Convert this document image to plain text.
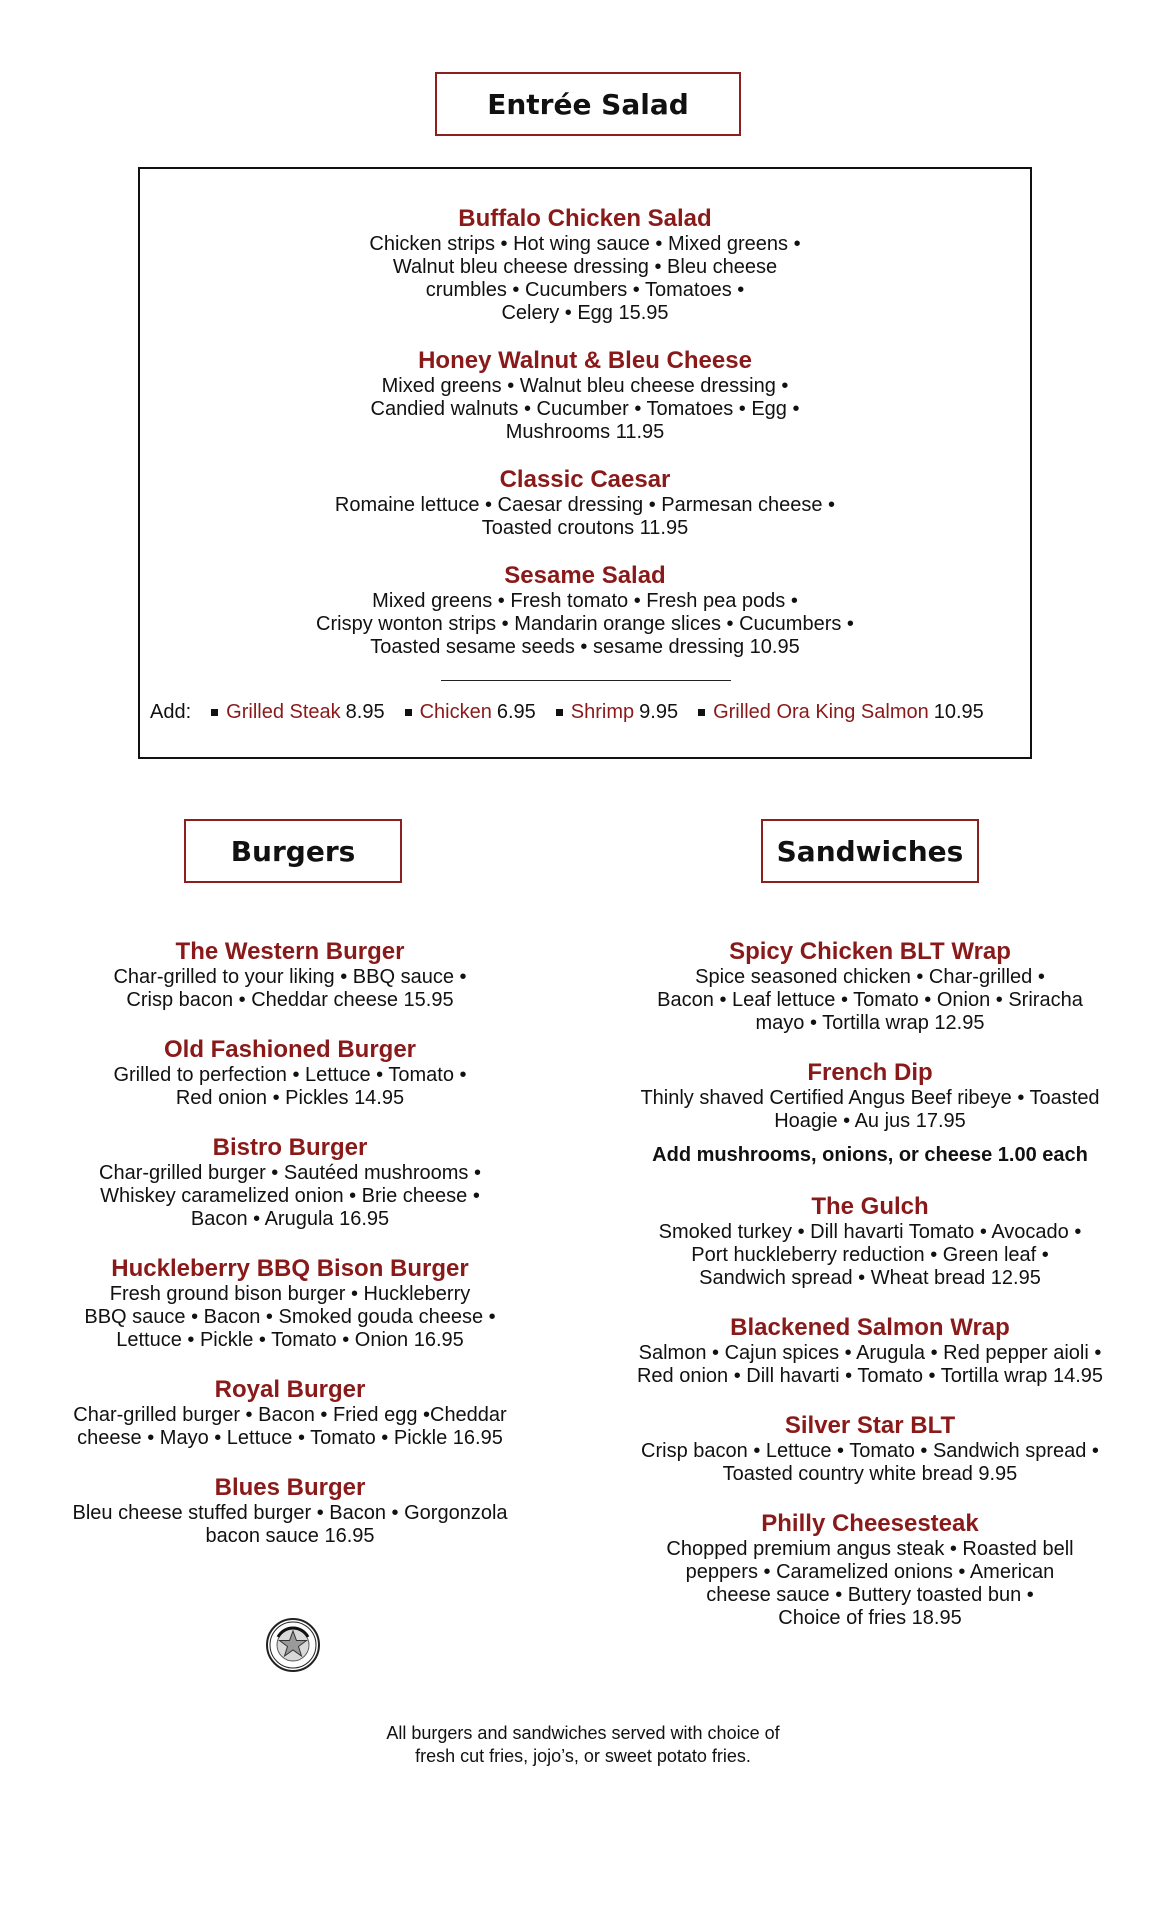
Entrée Salad
Buffalo Chicken Salad
Chicken strips • Hot wing sauce • Mixed greens •
Walnut bleu cheese dressing • Bleu cheese
crumbles • Cucumbers • Tomatoes •
Celery • Egg 15.95
Honey Walnut & Bleu Cheese
Mixed greens • Walnut bleu cheese dressing •
Candied walnuts • Cucumber • Tomatoes • Egg •
Mushrooms 11.95
Classic Caesar
Romaine lettuce • Caesar dressing • Parmesan cheese •
Toasted croutons 11.95
Sesame Salad
Mixed greens • Fresh tomato • Fresh pea pods •
Crispy wonton strips • Mandarin orange slices • Cucumbers •
Toasted sesame seeds • sesame dressing 10.95
Add: Grilled Steak 8.95 Chicken 6.95 Shrimp 9.95 Grilled Ora King Salmon 10.95
Burgers	Sandwiches
The Western Burger
Char-grilled to your liking • BBQ sauce •
Crisp bacon • Cheddar cheese 15.95
Old Fashioned Burger
Grilled to perfection • Lettuce • Tomato •
Red onion • Pickles 14.95
Bistro Burger
Char-grilled burger • Sautéed mushrooms •
Whiskey caramelized onion • Brie cheese •
Bacon • Arugula 16.95
Huckleberry BBQ Bison Burger
Fresh ground bison burger • Huckleberry
BBQ sauce • Bacon • Smoked gouda cheese •
Lettuce • Pickle • Tomato • Onion 16.95
Royal Burger
Char-grilled burger • Bacon • Fried egg •Cheddar
cheese • Mayo • Lettuce • Tomato • Pickle 16.95
Blues Burger
Bleu cheese stuffed burger • Bacon • Gorgonzola
bacon sauce 16.95
Spicy Chicken BLT Wrap
Spice seasoned chicken • Char-grilled •
Bacon • Leaf lettuce • Tomato • Onion • Sriracha
mayo • Tortilla wrap 12.95
French Dip
Thinly shaved Certified Angus Beef ribeye • Toasted
Hoagie • Au jus 17.95
Add mushrooms, onions, or cheese 1.00 each
The Gulch
Smoked turkey • Dill havarti Tomato • Avocado •
Port huckleberry reduction • Green leaf •
Sandwich spread • Wheat bread 12.95
Blackened Salmon Wrap
Salmon • Cajun spices • Arugula • Red pepper aioli •
Red onion • Dill havarti • Tomato • Tortilla wrap 14.95
Silver Star BLT
Crisp bacon • Lettuce • Tomato • Sandwich spread •
Toasted country white bread 9.95
Philly Cheesesteak
Chopped premium angus steak • Roasted bell
peppers • Caramelized onions • American
cheese sauce • Buttery toasted bun •
Choice of fries 18.95
All burgers and sandwiches served with choice of
fresh cut fries, jojo’s, or sweet potato fries.
